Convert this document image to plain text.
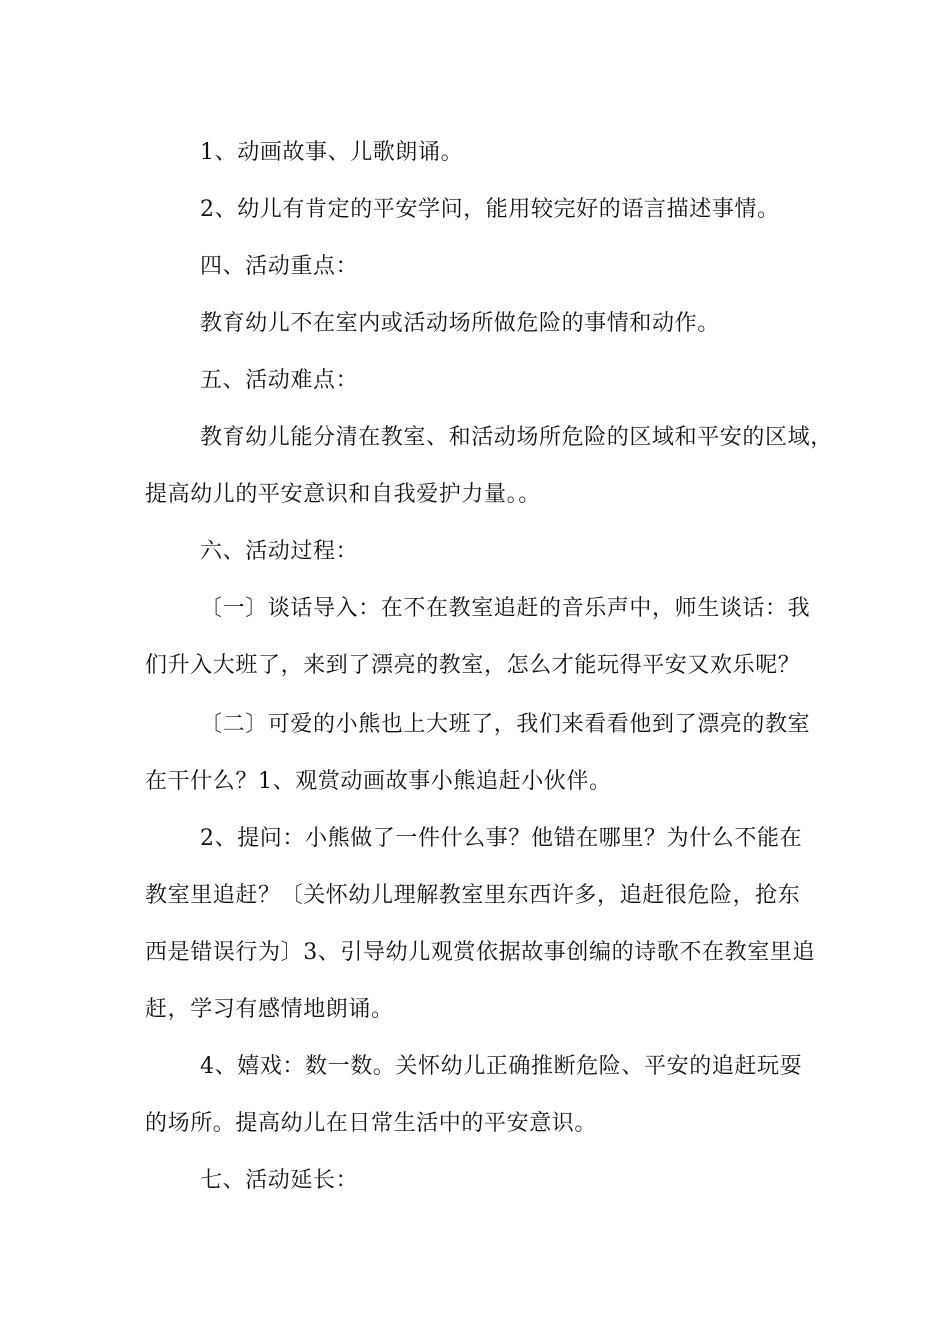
1、动画故事、儿歌朗诵。
2、幼儿有肯定的平安学问，能用较完好的语言描述事情。
四、活动重点：
教育幼儿不在室内或活动场所做危险的事情和动作。
五、活动难点：
教育幼儿能分清在教室、和活动场所危险的区域和平安的区域，
提高幼儿的平安意识和自我爱护力量。。
六、活动过程：
〔一〕谈话导入：在不在教室追赶的音乐声中，师生谈话：我
们升入大班了，来到了漂亮的教室，怎么才能玩得平安又欢乐呢？
〔二〕可爱的小熊也上大班了，我们来看看他到了漂亮的教室
在干什么？1、观赏动画故事小熊追赶小伙伴。
2、提问：小熊做了一件什么事？他错在哪里？为什么不能在
教室里追赶？〔关怀幼儿理解教室里东西许多，追赶很危险，抢东
西是错误行为〕3、引导幼儿观赏依据故事创编的诗歌不在教室里追
赶，学习有感情地朗诵。
4、嬉戏：数一数。关怀幼儿正确推断危险、平安的追赶玩耍
的场所。提高幼儿在日常生活中的平安意识。
七、活动延长：
